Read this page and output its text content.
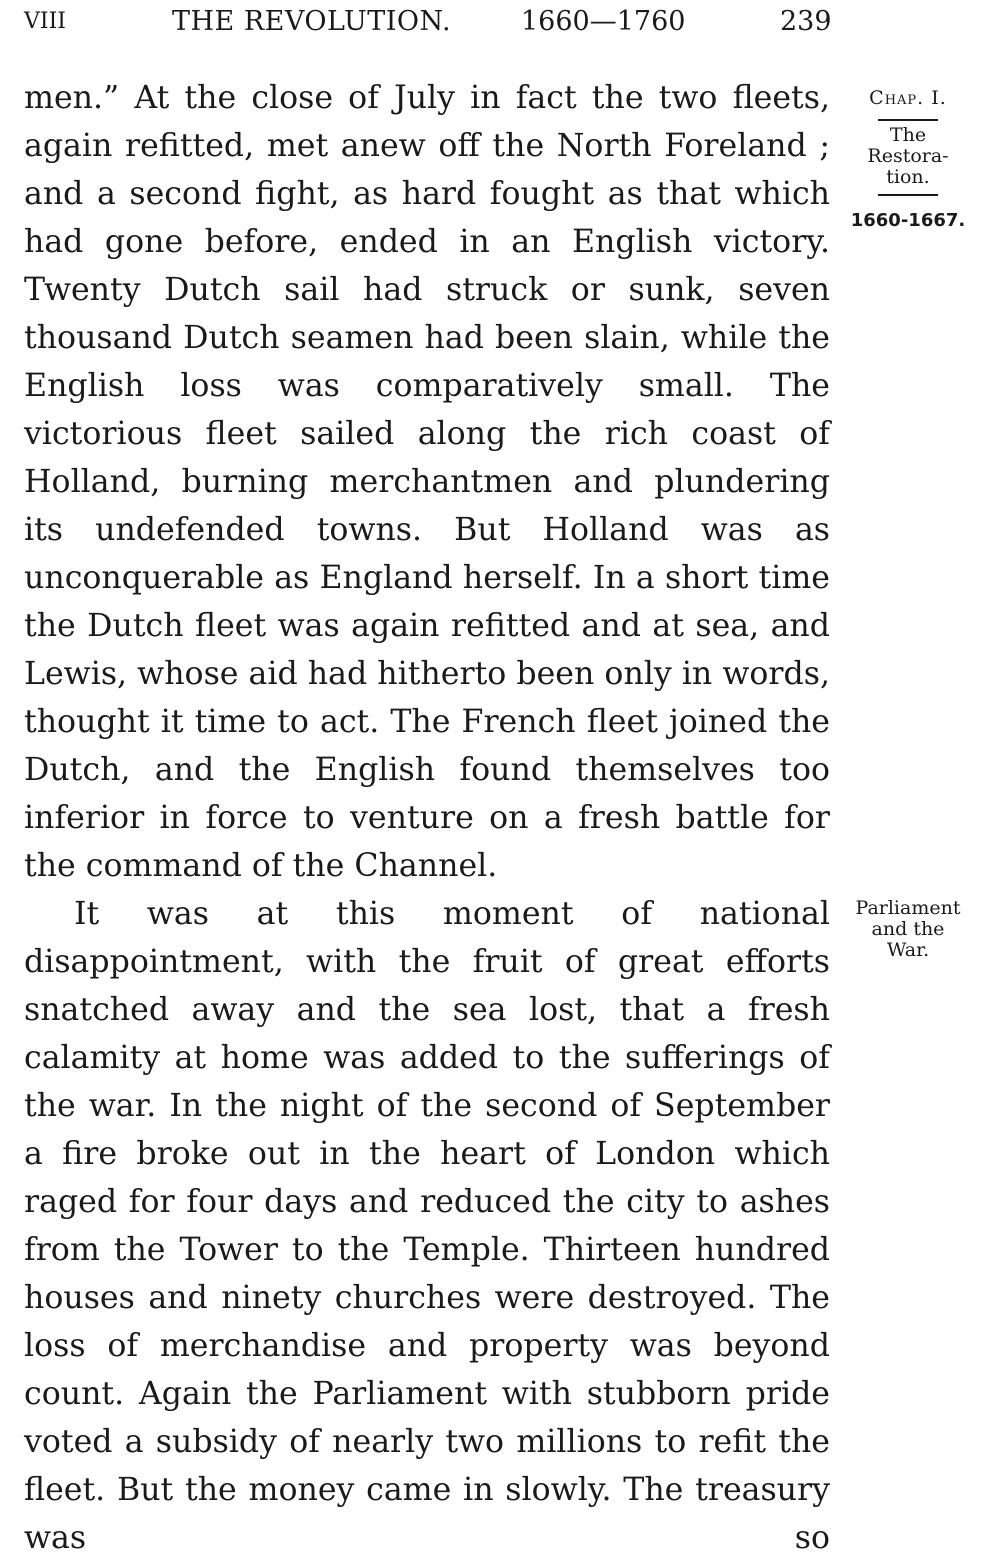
VIII	THE REVOLUTION.	1660—1760	239

men.” At the close of July in fact the two fleets, again refitted, met anew off the North Foreland ; and a second fight, as hard fought as that which had gone before, ended in an English victory. Twenty Dutch sail had struck or sunk, seven thousand Dutch seamen had been slain, while the English loss was comparatively small. The victorious fleet sailed along the rich coast of Holland, burning merchantmen and plundering its undefended towns. But Holland was as unconquerable as England herself. In a short time the Dutch fleet was again refitted and at sea, and Lewis, whose aid had hitherto been only in words, thought it time to act. The French fleet joined the Dutch, and the English found themselves too inferior in force to venture on a fresh battle for the command of the Channel.

It was at this moment of national disappointment, with the fruit of great efforts snatched away and the sea lost, that a fresh calamity at home was added to the sufferings of the war. In the night of the second of September a fire broke out in the heart of London which raged for four days and reduced the city to ashes from the Tower to the Temple. Thirteen hundred houses and ninety churches were destroyed. The loss of merchandise and property was beyond count. Again the Parliament with stubborn pride voted a subsidy of nearly two millions to refit the fleet. But the money came in slowly. The treasury was so

Chap. I.
The
Restora-
tion.
1660-1667.
Parliament
and the
War.
